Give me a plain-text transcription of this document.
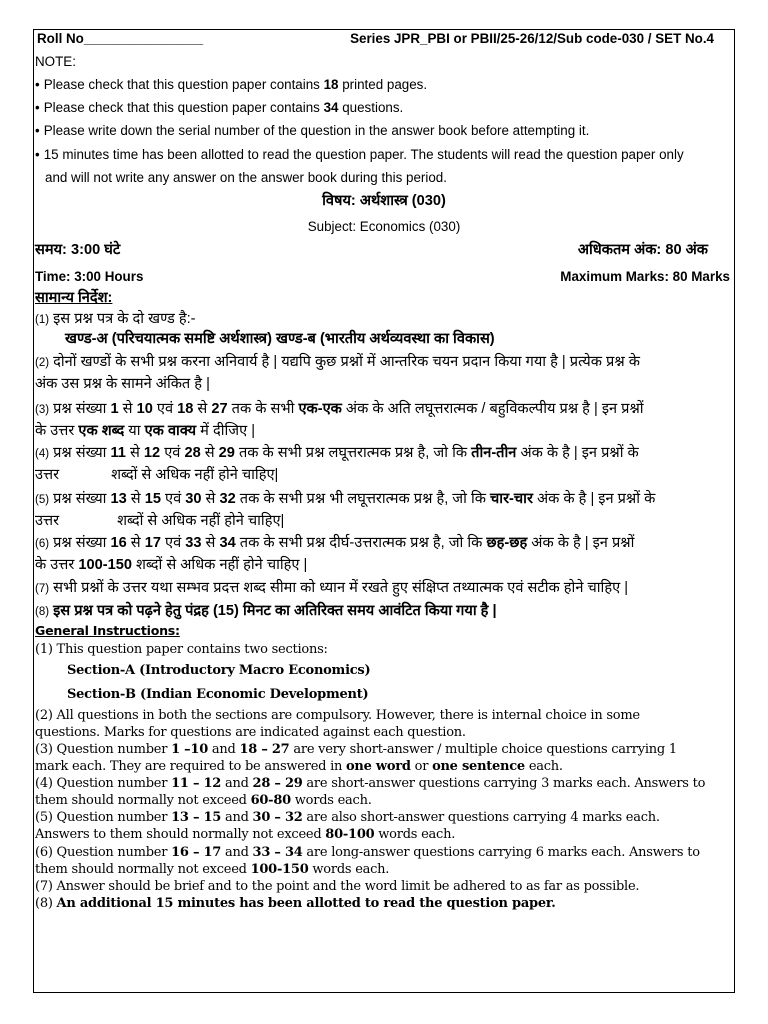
Roll No________________	Series JPR_PBI or PBII/25-26/12/Sub code-030 / SET No.4
NOTE:
• Please check that this question paper contains 18 printed pages.
• Please check that this question paper contains 34 questions.
• Please write down the serial number of the question in the answer book before attempting it.
• 15 minutes time has been allotted to read the question paper. The students will read the question paper only
and will not write any answer on the answer book during this period.
विषय: अर्थशास्त्र (030)
Subject: Economics (030)
समय: 3:00 घंटे	अधिकतम अंक: 80 अंक
Time: 3:00 Hours	Maximum Marks: 80 Marks
सामान्य निर्देश:
(1) इस प्रश्न पत्र के दो खण्ड है:-
खण्ड-अ (परिचयात्मक समष्टि अर्थशास्त्र) खण्ड-ब (भारतीय अर्थव्यवस्था का विकास)
(2) दोनों खण्डों के सभी प्रश्न करना अनिवार्य है | यद्यपि कुछ प्रश्नों में आन्तरिक चयन प्रदान किया गया है | प्रत्येक प्रश्न के
अंक उस प्रश्न के सामने अंकित है |
(3) प्रश्न संख्या 1 से 10 एवं 18 से 27 तक के सभी एक-एक अंक के अति लघूत्तरात्मक / बहुविकल्पीय प्रश्न है | इन प्रश्नों
के उत्तर एक शब्द या एक वाक्य में दीजिए |
(4) प्रश्न संख्या 11 से 12 एवं 28 से 29 तक के सभी प्रश्न लघूत्तरात्मक प्रश्न है, जो कि तीन-तीन अंक के है | इन प्रश्नों के
उत्तर	शब्दों से अधिक नहीं होने चाहिए|
(5) प्रश्न संख्या 13 से 15 एवं 30 से 32 तक के सभी प्रश्न भी लघूत्तरात्मक प्रश्न है, जो कि चार-चार अंक के है | इन प्रश्नों के
उत्तर	शब्दों से अधिक नहीं होने चाहिए|
(6) प्रश्न संख्या 16 से 17 एवं 33 से 34 तक के सभी प्रश्न दीर्घ-उत्तरात्मक प्रश्न है, जो कि छह-छह अंक के है | इन प्रश्नों
के उत्तर 100-150 शब्दों से अधिक नहीं होने चाहिए |
(7) सभी प्रश्नों के उत्तर यथा सम्भव प्रदत्त शब्द सीमा को ध्यान में रखते हुए संक्षिप्त तथ्यात्मक एवं सटीक होने चाहिए |
(8) इस प्रश्न पत्र को पढ़ने हेतु पंद्रह (15) मिनट का अतिरिक्त समय आवंटित किया गया है |
General Instructions:
(1) This question paper contains two sections:
Section-A (Introductory Macro Economics)
Section-B (Indian Economic Development)
(2) All questions in both the sections are compulsory. However, there is internal choice in some
questions. Marks for questions are indicated against each question.
(3) Question number 1 –10 and 18 – 27 are very short-answer / multiple choice questions carrying 1
mark each. They are required to be answered in one word or one sentence each.
(4) Question number 11 – 12 and 28 – 29 are short-answer questions carrying 3 marks each. Answers to
them should normally not exceed 60-80 words each.
(5) Question number 13 – 15 and 30 – 32 are also short-answer questions carrying 4 marks each.
Answers to them should normally not exceed 80-100 words each.
(6) Question number 16 – 17 and 33 – 34 are long-answer questions carrying 6 marks each. Answers to
them should normally not exceed 100-150 words each.
(7) Answer should be brief and to the point and the word limit be adhered to as far as possible.
(8) An additional 15 minutes has been allotted to read the question paper.
